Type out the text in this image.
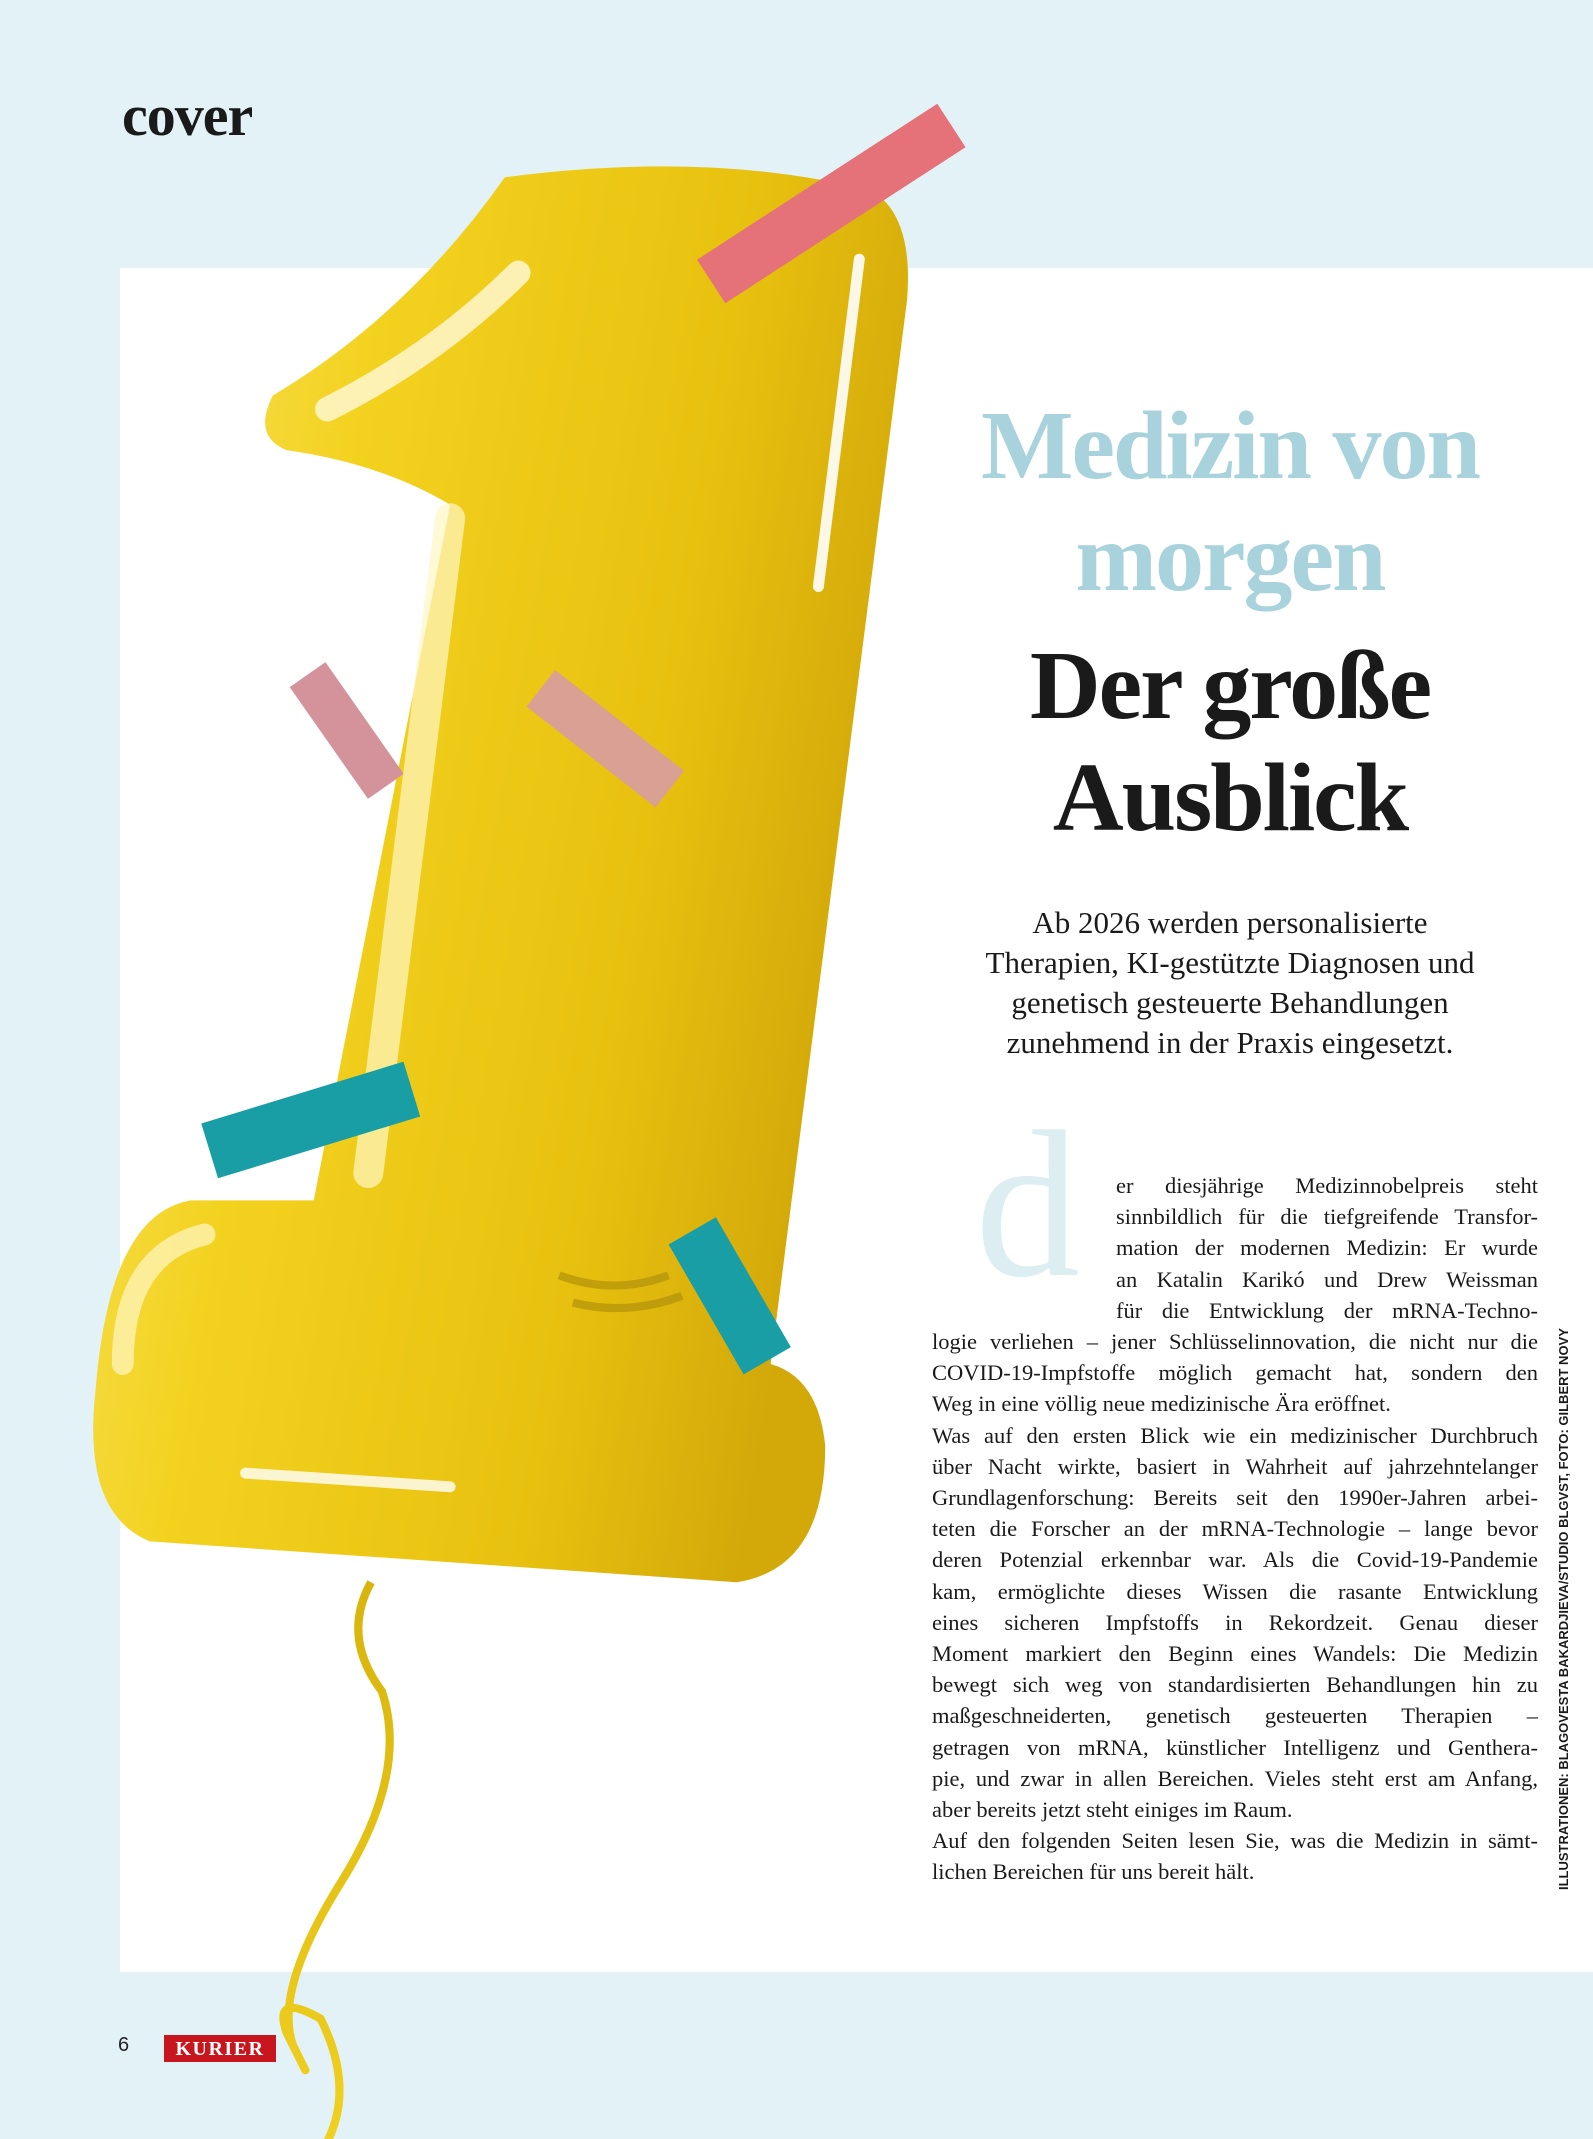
cover
Medizin von
morgen
Der große
Ausblick
Ab 2026 werden personalisierte
Therapien, KI-gestützte Diagnosen und
genetisch gesteuerte Behandlungen
zunehmend in der Praxis eingesetzt.
d er diesjährige Medizinnobelpreis steht
sinnbildlich für die tiefgreifende Transfor-
mation der modernen Medizin: Er wurde
an Katalin Karikó und Drew Weissman
für die Entwicklung der mRNA-Techno-
logie verliehen – jener Schlüsselinnovation, die nicht nur die
COVID-19-Impfstoffe möglich gemacht hat, sondern den
Weg in eine völlig neue medizinische Ära eröffnet.
Was auf den ersten Blick wie ein medizinischer Durchbruch
über Nacht wirkte, basiert in Wahrheit auf jahrzehntelanger
Grundlagenforschung: Bereits seit den 1990er-Jahren arbei-
teten die Forscher an der mRNA-Technologie – lange bevor
deren Potenzial erkennbar war. Als die Covid-19-Pandemie
kam, ermöglichte dieses Wissen die rasante Entwicklung
eines sicheren Impfstoffs in Rekordzeit. Genau dieser
Moment markiert den Beginn eines Wandels: Die Medizin
bewegt sich weg von standardisierten Behandlungen hin zu
maßgeschneiderten, genetisch gesteuerten Therapien –
getragen von mRNA, künstlicher Intelligenz und Genthera-
pie, und zwar in allen Bereichen. Vieles steht erst am Anfang,
aber bereits jetzt steht einiges im Raum.
Auf den folgenden Seiten lesen Sie, was die Medizin in sämt-
lichen Bereichen für uns bereit hält.	ILLUSTRATIONEN: BLAGOVESTA BAKARDJIEVA/STUDIO BLGVST, FOTO: GILBERT NOVY
6	KURIER
